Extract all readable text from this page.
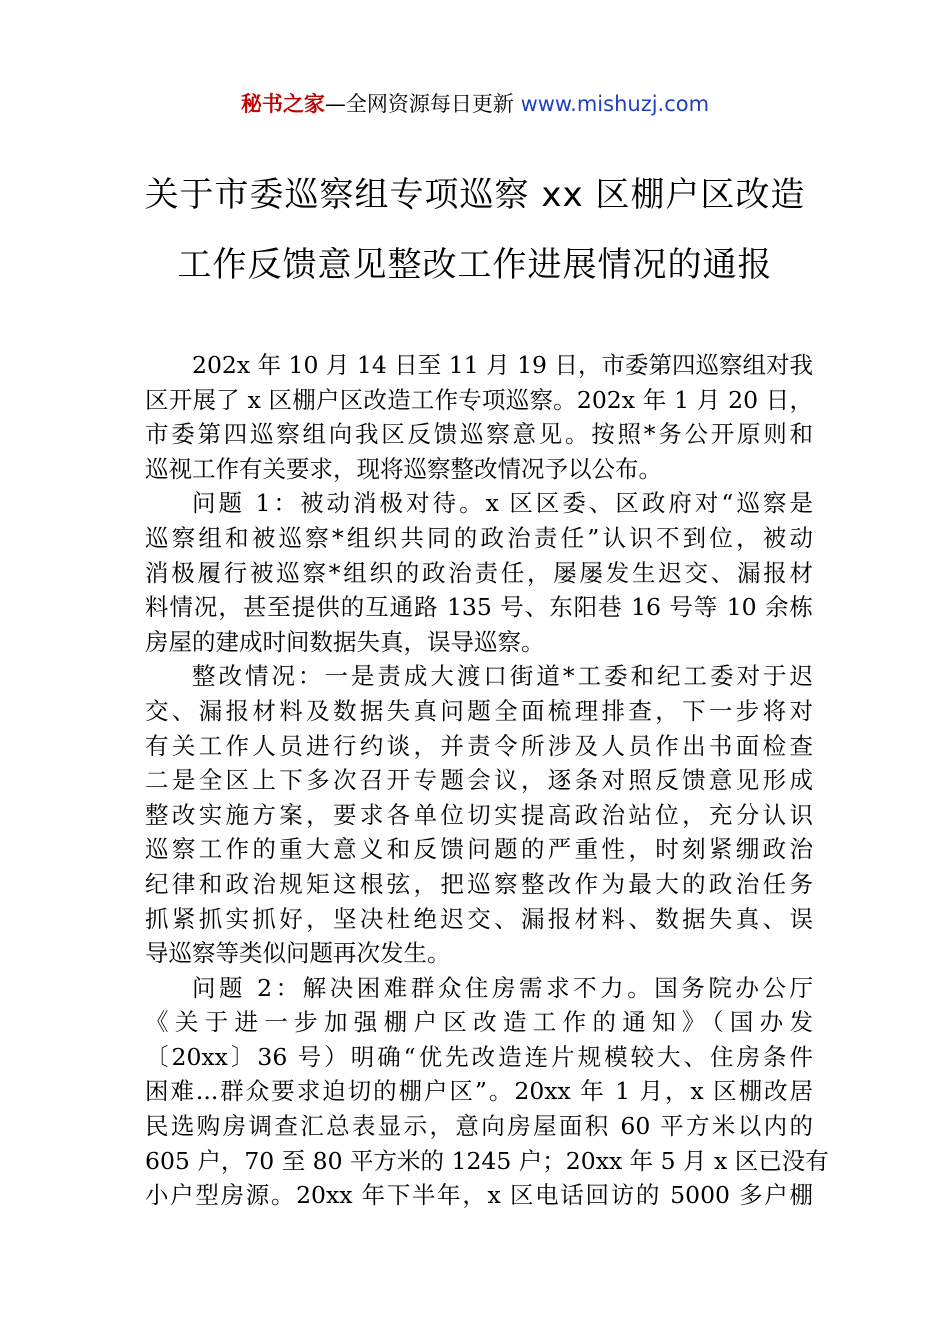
秘书之家—全网资源每日更新 www.mishuzj.com
关于市委巡察组专项巡察 xx 区棚户区改造
工作反馈意见整改工作进展情况的通报
202x 年 10 月 14 日至 11 月 19 日，市委第四巡察组对我
区开展了 x 区棚户区改造工作专项巡察。202x 年 1 月 20 日，
市委第四巡察组向我区反馈巡察意见。按照*务公开原则和
巡视工作有关要求，现将巡察整改情况予以公布。
问题 1：被动消极对待。x 区区委、区政府对“巡察是
巡察组和被巡察*组织共同的政治责任”认识不到位，被动
消极履行被巡察*组织的政治责任，屡屡发生迟交、漏报材
料情况，甚至提供的互通路 135 号、东阳巷 16 号等 10 余栋
房屋的建成时间数据失真，误导巡察。
整改情况：一是责成大渡口街道*工委和纪工委对于迟
交、漏报材料及数据失真问题全面梳理排查，下一步将对
有关工作人员进行约谈，并责令所涉及人员作出书面检查
二是全区上下多次召开专题会议，逐条对照反馈意见形成
整改实施方案，要求各单位切实提高政治站位，充分认识
巡察工作的重大意义和反馈问题的严重性，时刻紧绷政治
纪律和政治规矩这根弦，把巡察整改作为最大的政治任务
抓紧抓实抓好，坚决杜绝迟交、漏报材料、数据失真、误
导巡察等类似问题再次发生。
问题 2：解决困难群众住房需求不力。国务院办公厅
《关于进一步加强棚户区改造工作的通知》（国办发
〔20xx〕36 号）明确“优先改造连片规模较大、住房条件
困难...群众要求迫切的棚户区”。20xx 年 1 月，x 区棚改居
民选购房调查汇总表显示，意向房屋面积 60 平方米以内的
605 户，70 至 80 平方米的 1245 户；20xx 年 5 月 x 区已没有
小户型房源。20xx 年下半年，x 区电话回访的 5000 多户棚
